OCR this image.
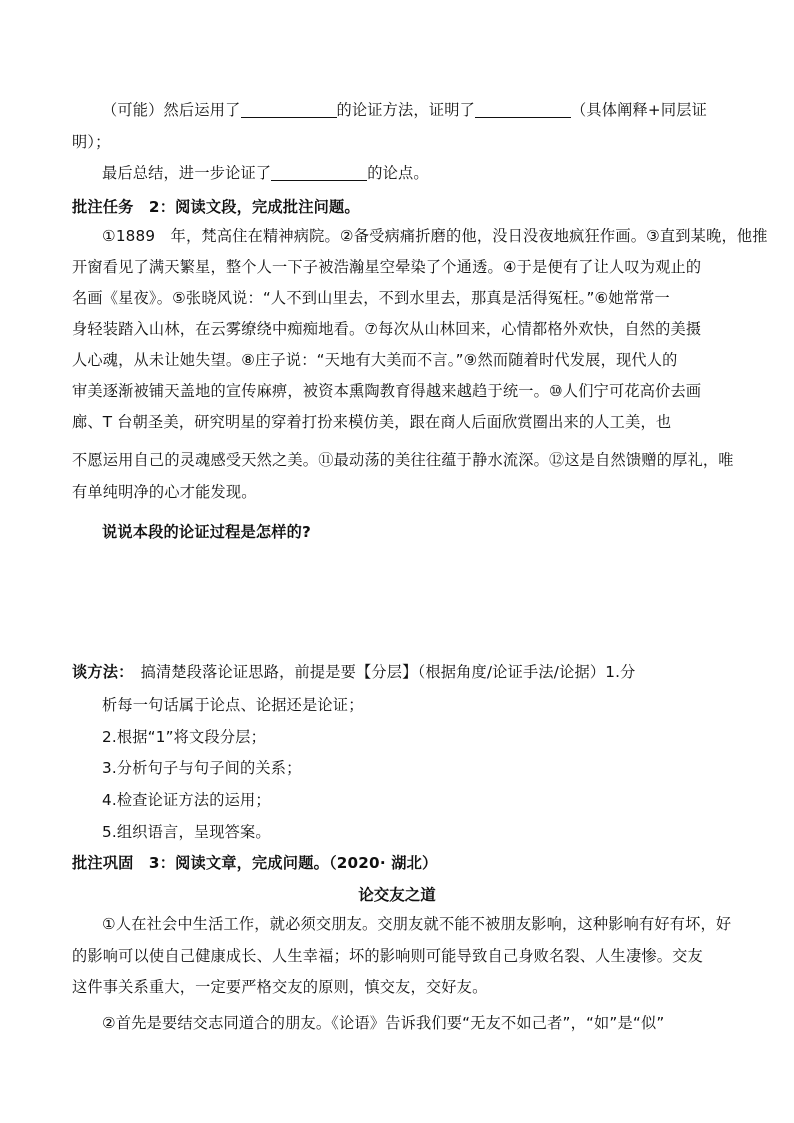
（可能）然后运用了	的论证方法，证明了	（具体阐释+同层证
明）；
最后总结，进一步论证了	的论点。
批注任务　2：阅读文段，完成批注问题。
①1889　年，梵高住在精神病院。②备受病痛折磨的他，没日没夜地疯狂作画。③直到某晚，他推
开窗看见了满天繁星，整个人一下子被浩瀚星空晕染了个通透。④于是便有了让人叹为观止的
名画《星夜》。⑤张晓风说：“人不到山里去，不到水里去，那真是活得冤枉。”⑥她常常一
身轻装踏入山林，在云雾缭绕中痴痴地看。⑦每次从山林回来，心情都格外欢快，自然的美摄
人心魂，从未让她失望。⑧庄子说：“天地有大美而不言。”⑨然而随着时代发展，现代人的
审美逐渐被铺天盖地的宣传麻痹，被资本熏陶教育得越来越趋于统一。⑩人们宁可花高价去画
廊、T 台朝圣美，研究明星的穿着打扮来模仿美，跟在商人后面欣赏圈出来的人工美，也
不愿运用自己的灵魂感受天然之美。⑪最动荡的美往往蕴于静水流深。⑫这是自然馈赠的厚礼，唯
有单纯明净的心才能发现。
说说本段的论证过程是怎样的?
谈方法： 搞清楚段落论证思路，前提是要【分层】（根据角度/论证手法/论据）1.分
析每一句话属于论点、论据还是论证；
2.根据“1”将文段分层；
3.分析句子与句子间的关系；
4.检查论证方法的运用；
5.组织语言，呈现答案。
批注巩固　3：阅读文章，完成问题。（2020· 湖北）
论交友之道
①人在社会中生活工作，就必须交朋友。交朋友就不能不被朋友影响，这种影响有好有坏，好
的影响可以使自己健康成长、人生幸福；坏的影响则可能导致自己身败名裂、人生凄惨。交友
这件事关系重大，一定要严格交友的原则，慎交友，交好友。
②首先是要结交志同道合的朋友。《论语》告诉我们要“无友不如己者”，“如”是“似”
